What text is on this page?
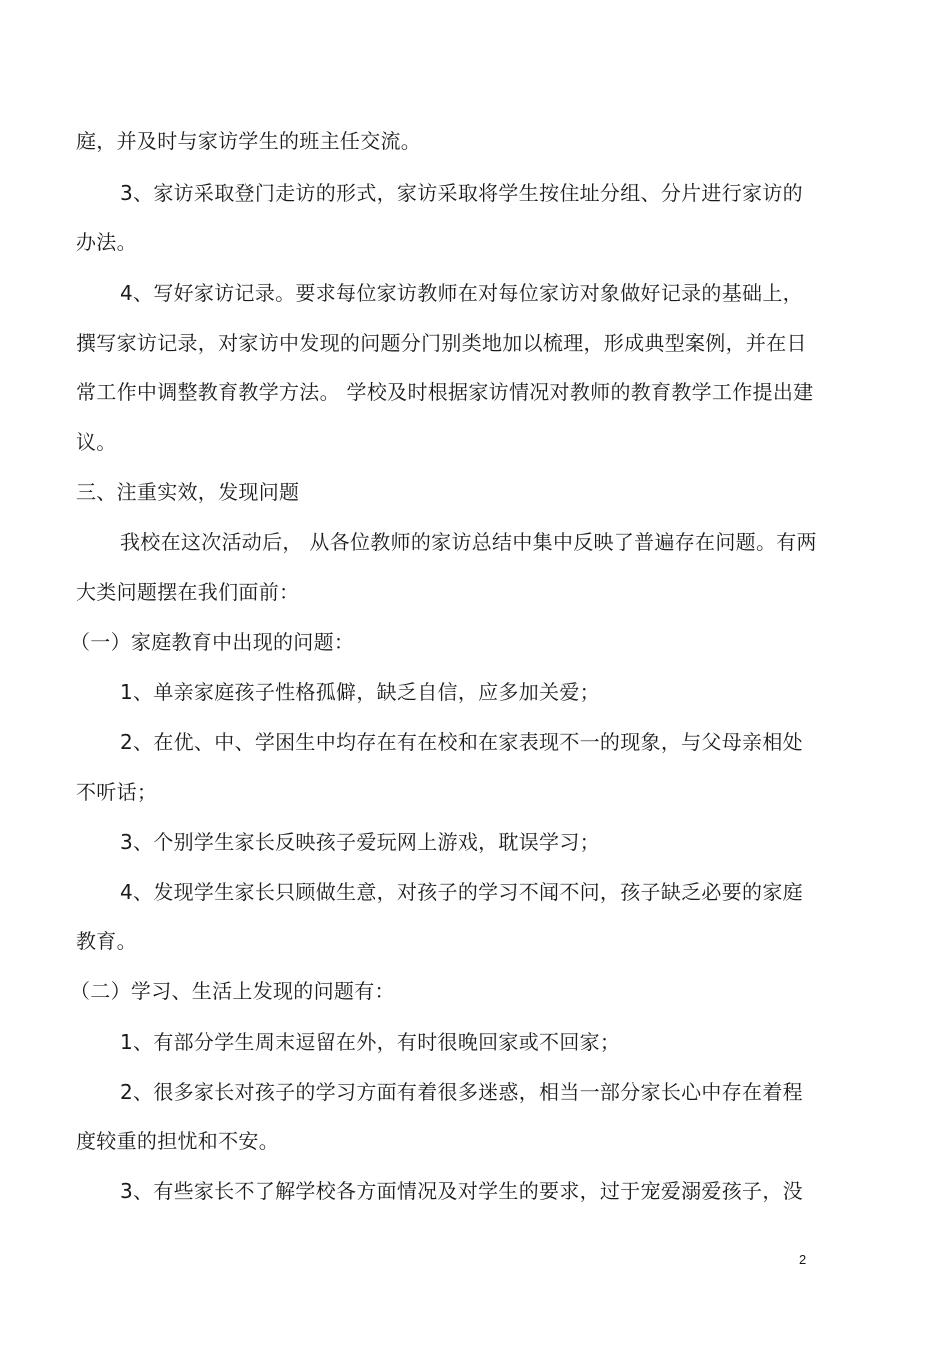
庭，并及时与家访学生的班主任交流。
3、家访采取登门走访的形式，家访采取将学生按住址分组、分片进行家访的
办法。
4、写好家访记录。要求每位家访教师在对每位家访对象做好记录的基础上，
撰写家访记录，对家访中发现的问题分门别类地加以梳理，形成典型案例，并在日
常工作中调整教育教学方法。 学校及时根据家访情况对教师的教育教学工作提出建
议。
三、注重实效，发现问题
我校在这次活动后， 从各位教师的家访总结中集中反映了普遍存在问题。有两
大类问题摆在我们面前：
（一）家庭教育中出现的问题：
1、单亲家庭孩子性格孤僻，缺乏自信，应多加关爱；
2、在优、中、学困生中均存在有在校和在家表现不一的现象，与父母亲相处
不听话；
3、个别学生家长反映孩子爱玩网上游戏，耽误学习；
4、发现学生家长只顾做生意，对孩子的学习不闻不问，孩子缺乏必要的家庭
教育。
（二）学习、生活上发现的问题有：
1、有部分学生周末逗留在外，有时很晚回家或不回家；
2、很多家长对孩子的学习方面有着很多迷惑，相当一部分家长心中存在着程
度较重的担忧和不安。
3、有些家长不了解学校各方面情况及对学生的要求，过于宠爱溺爱孩子，没
2
